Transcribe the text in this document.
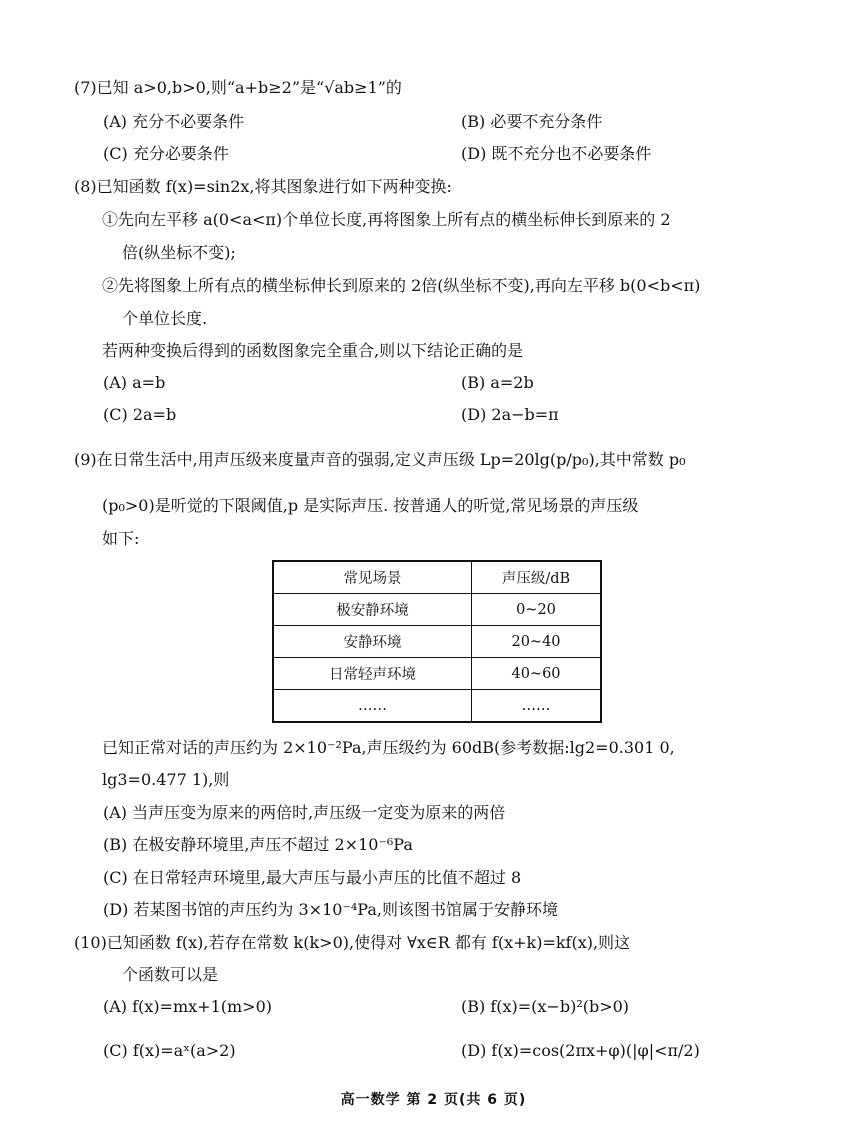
(7)已知 a>0,b>0,则“a+b≥2”是“√ab≥1”的
(A) 充分不必要条件	(B) 必要不充分条件
(C) 充分必要条件	(D) 既不充分也不必要条件
(8)已知函数 f(x)=sin2x,将其图象进行如下两种变换:
①先向左平移 a(0<a<π)个单位长度,再将图象上所有点的横坐标伸长到原来的 2
倍(纵坐标不变);
②先将图象上所有点的横坐标伸长到原来的 2倍(纵坐标不变),再向左平移 b(0<b<π)
个单位长度.
若两种变换后得到的函数图象完全重合,则以下结论正确的是
(A) a=b	(B) a=2b
(C) 2a=b	(D) 2a−b=π
(9)在日常生活中,用声压级来度量声音的强弱,定义声压级 Lp=20lg(p/p₀),其中常数 p₀
(p₀>0)是听觉的下限阈值,p 是实际声压. 按普通人的听觉,常见场景的声压级
如下:
常见场景	声压级/dB
极安静环境	0~20
安静环境	20~40
日常轻声环境	40~60
……	……
已知正常对话的声压约为 2×10⁻²Pa,声压级约为 60dB(参考数据:lg2=0.301 0,
lg3=0.477 1),则
(A) 当声压变为原来的两倍时,声压级一定变为原来的两倍
(B) 在极安静环境里,声压不超过 2×10⁻⁶Pa
(C) 在日常轻声环境里,最大声压与最小声压的比值不超过 8
(D) 若某图书馆的声压约为 3×10⁻⁴Pa,则该图书馆属于安静环境
(10)已知函数 f(x),若存在常数 k(k>0),使得对 ∀x∈R 都有 f(x+k)=kf(x),则这
个函数可以是
(A) f(x)=mx+1(m>0)	(B) f(x)=(x−b)²(b>0)
(C) f(x)=aˣ(a>2)	(D) f(x)=cos(2πx+φ)(|φ|<π/2)
高一数学 第 2 页(共 6 页)
